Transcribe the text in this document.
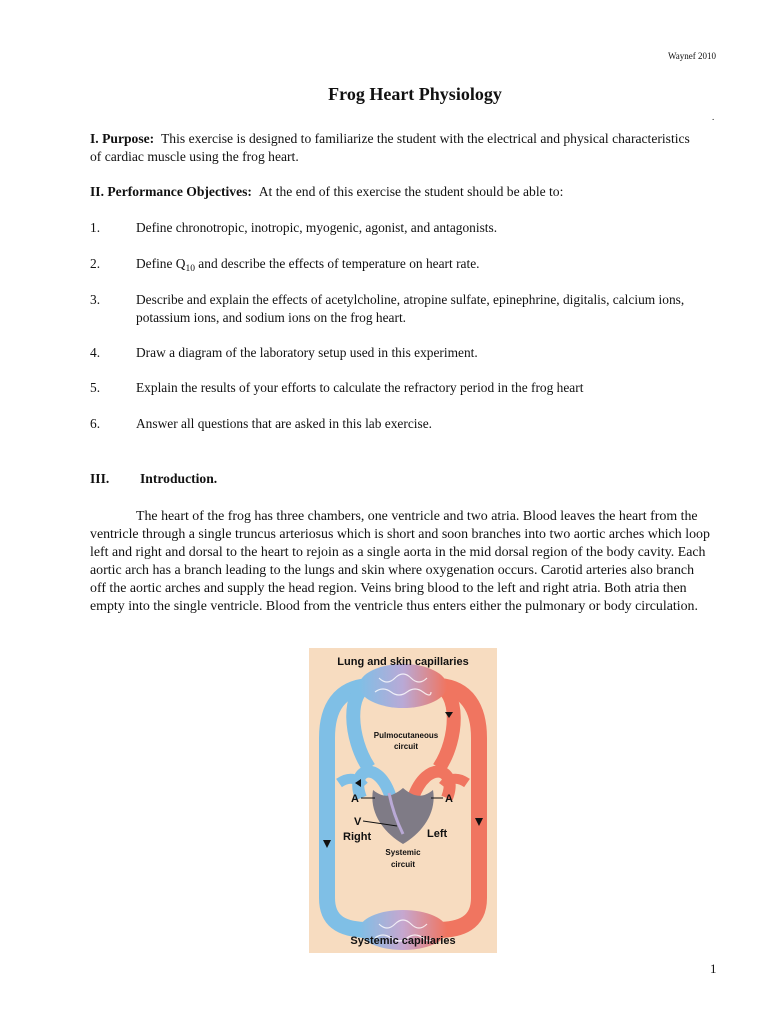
Waynef 2010
.
Frog Heart Physiology
I. Purpose: This exercise is designed to familiarize the student with the electrical and physical characteristics of cardiac muscle using the frog heart.
II. Performance Objectives: At the end of this exercise the student should be able to:
1.	Define chronotropic, inotropic, myogenic, agonist, and antagonists.
2.	Define $Q_{10}$ and describe the effects of temperature on heart rate.
3.	Describe and explain the effects of acetylcholine, atropine sulfate, epinephrine, digitalis, calcium ions, potassium ions, and sodium ions on the frog heart.
4.	Draw a diagram of the laboratory setup used in this experiment.
5.	Explain the results of your efforts to calculate the refractory period in the frog heart
6.	Answer all questions that are asked in this lab exercise.
III. Introduction.

The heart of the frog has three chambers, one ventricle and two atria. Blood leaves the heart from the ventricle through a single truncus arteriosus which is short and soon branches into two aortic arches which loop left and right and dorsal to the heart to rejoin as a single aorta in the mid dorsal region of the body cavity. Each aortic arch has a branch leading to the lungs and skin where oxygenation occurs. Carotid arteries also branch off the aortic arches and supply the head region. Veins bring blood to the left and right atria. Both atria then empty into the single ventricle. Blood from the ventricle thus enters either the pulmonary or body circulation.

Lung and skin capillaries
Pulmocutaneous
circuit
A	A
V
Right	Left
Systemic
circuit
Systemic capillaries
1
